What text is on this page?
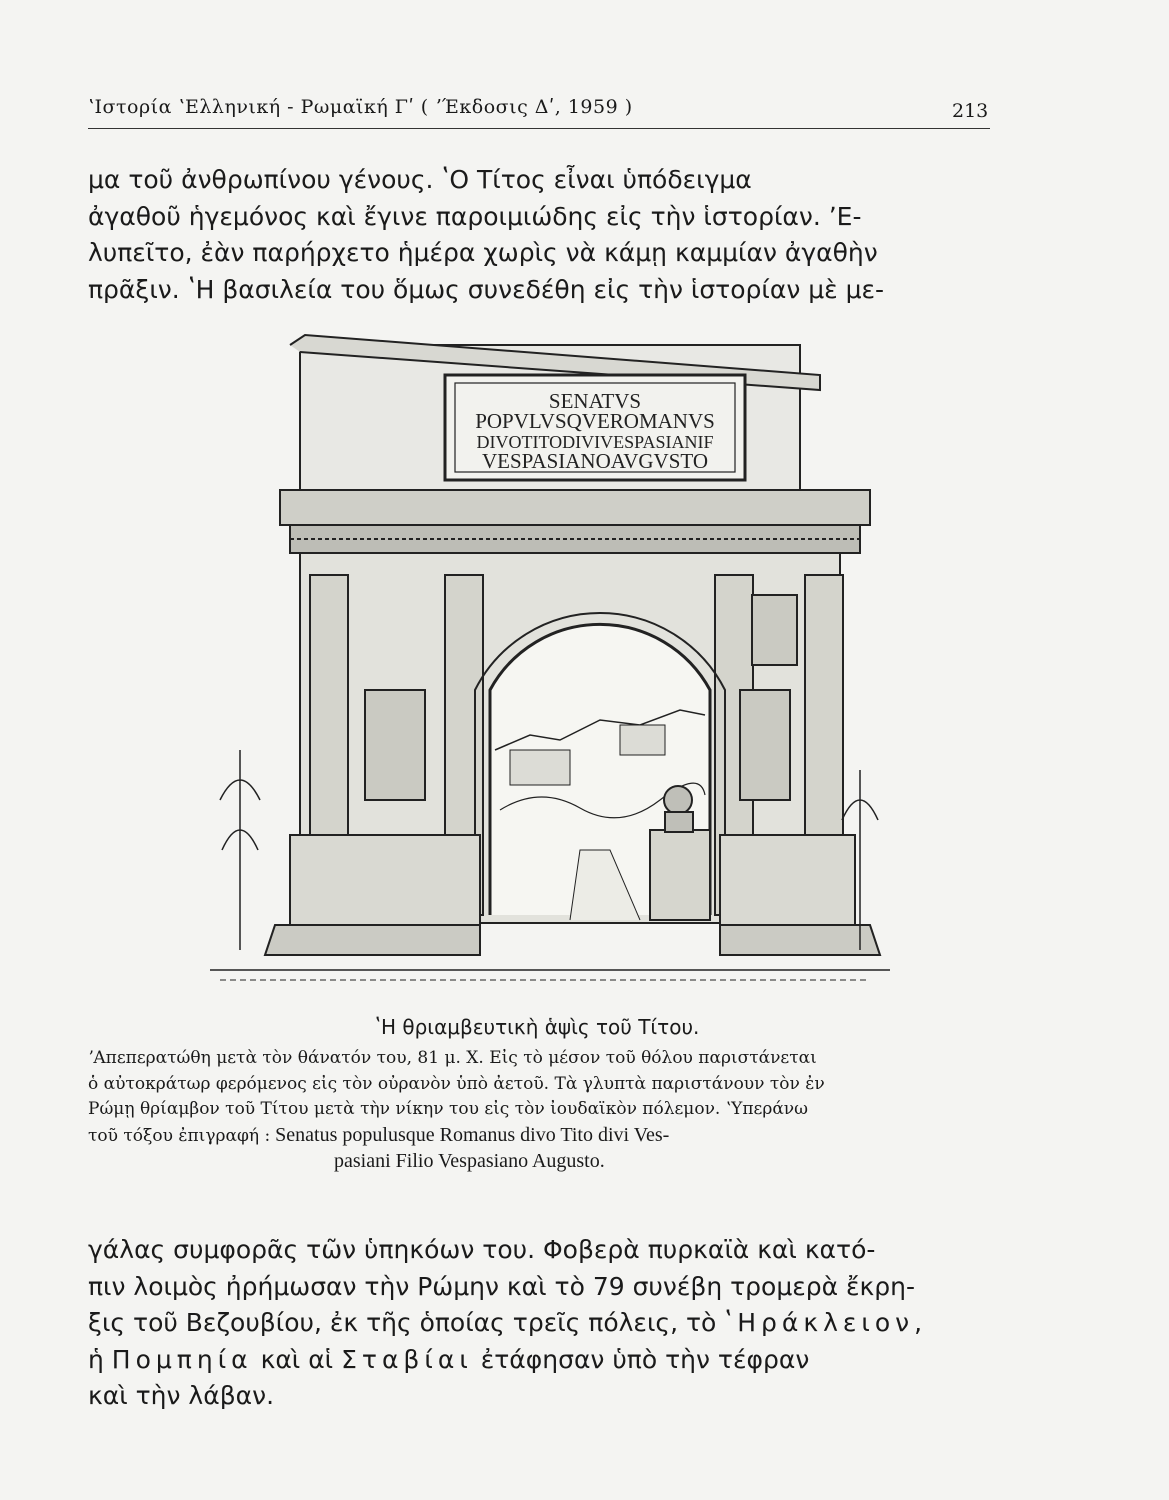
ʽΙστορία ʽΕλληνική - Ρωμαϊκή Γʹ ( ʼΈκδοσις Δʹ, 1959 )	213
μα τοῦ ἀνθρωπίνου γένους. ʽΟ Τίτος εἶναι ὑπόδειγμα
ἀγαθοῦ ἡγεμόνος καὶ ἔγινε παροιμιώδης εἰς τὴν ἱστορίαν. ʼΕ-
λυπεῖτο, ἐὰν παρήρχετο ἡμέρα χωρὶς νὰ κάμῃ καμμίαν ἀγαθὴν
πρᾶξιν. ʽΗ βασιλεία του ὅμως συνεδέθη εἰς τὴν ἱστορίαν μὲ με-
SENATVS
POPVLVSQVEROMANVS
DIVOTITODIVIVESPASIANIF
VESPASIANOAVGVSTO
ʽΗ θριαμβευτικὴ ἁψὶς τοῦ Τίτου.
ʼΑπεπερατώθη μετὰ τὸν θάνατόν του, 81 μ. Χ. Εἰς τὸ μέσον τοῦ θόλου παριστάνεται
ὁ αὐτοκράτωρ φερόμενος εἰς τὸν οὐρανὸν ὑπὸ ἀετοῦ. Τὰ γλυπτὰ παριστάνουν τὸν ἐν
Ρώμῃ θρίαμβον τοῦ Τίτου μετὰ τὴν νίκην του εἰς τὸν ἰουδαϊκὸν πόλεμον. ʽΥπεράνω
τοῦ τόξου ἐπιγραφή : Senatus populusque Romanus divo Tito divi Ves-
pasiani Filio Vespasiano Augusto.
γάλας συμφορᾶς τῶν ὑπηκόων του. Φοβερὰ πυρκαϊὰ καὶ κατό-
πιν λοιμὸς ἠρήμωσαν τὴν Ρώμην καὶ τὸ 79 συνέβη τρομερὰ ἔκρη-
ξις τοῦ Βεζουβίου, ἐκ τῆς ὁποίας τρεῖς πόλεις, τὸ ʽΗράκλειον,
ἡ Πομπηία καὶ αἱ Σταβίαι ἐτάφησαν ὑπὸ τὴν τέφραν
καὶ τὴν λάβαν.
